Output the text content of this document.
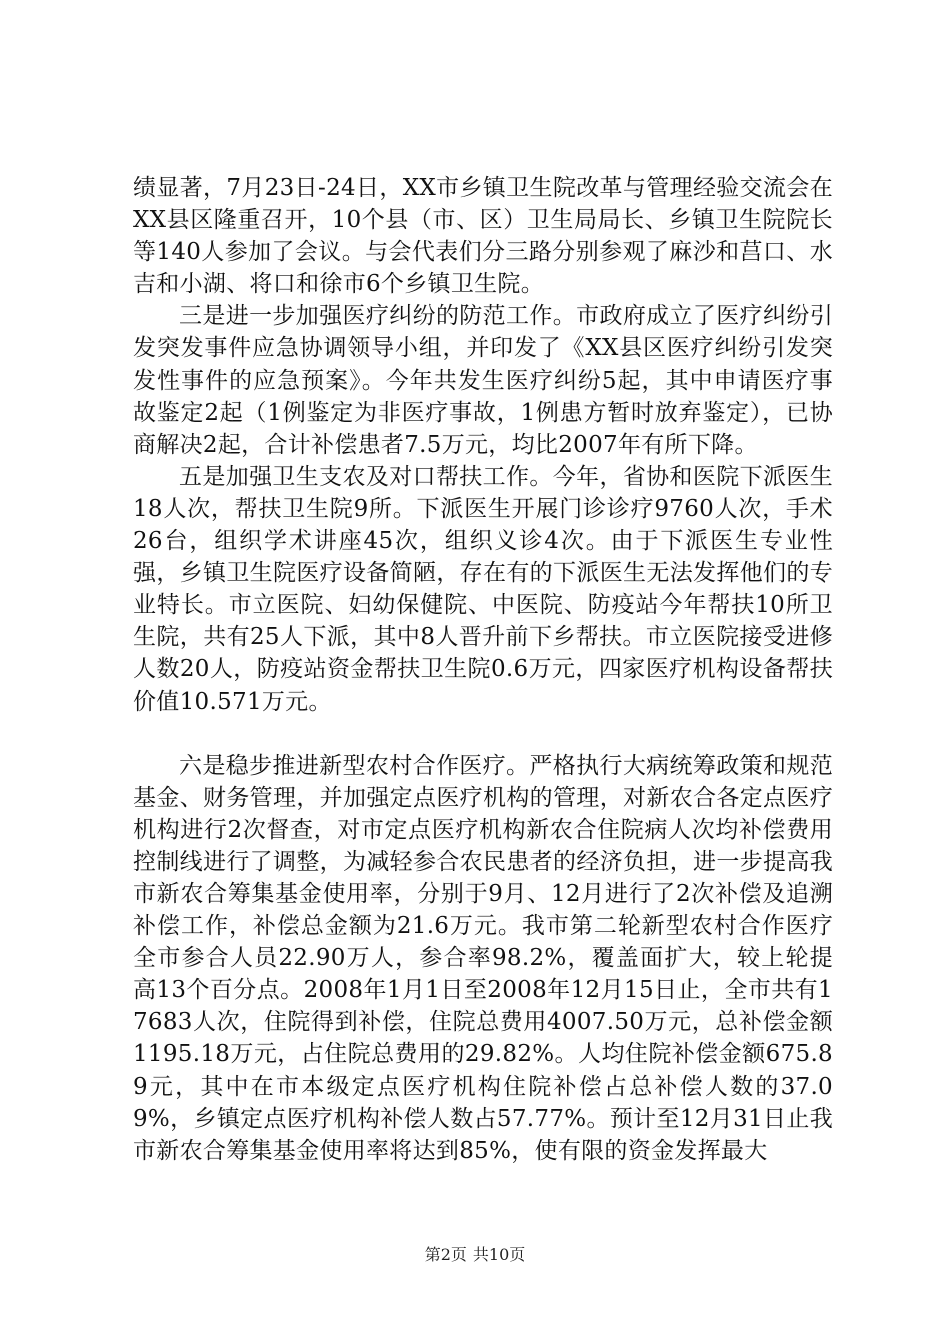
绩显著，7月23日-24日，XX市乡镇卫生院改革与管理经验交流会在XX县区隆重召开，10个县（市、区）卫生局局长、乡镇卫生院院长等140人参加了会议。与会代表们分三路分别参观了麻沙和莒口、水吉和小湖、将口和徐市6个乡镇卫生院。

三是进一步加强医疗纠纷的防范工作。市政府成立了医疗纠纷引发突发事件应急协调领导小组，并印发了《XX县区医疗纠纷引发突发性事件的应急预案》。今年共发生医疗纠纷5起，其中申请医疗事故鉴定2起（1例鉴定为非医疗事故，1例患方暂时放弃鉴定），已协商解决2起，合计补偿患者7.5万元，均比2007年有所下降。

五是加强卫生支农及对口帮扶工作。今年，省协和医院下派医生18人次，帮扶卫生院9所。下派医生开展门诊诊疗9760人次，手术26台，组织学术讲座45次，组织义诊4次。由于下派医生专业性强，乡镇卫生院医疗设备简陋，存在有的下派医生无法发挥他们的专业特长。市立医院、妇幼保健院、中医院、防疫站今年帮扶10所卫生院，共有25人下派，其中8人晋升前下乡帮扶。市立医院接受进修人数20人，防疫站资金帮扶卫生院0.6万元，四家医疗机构设备帮扶价值10.571万元。

六是稳步推进新型农村合作医疗。严格执行大病统筹政策和规范基金、财务管理，并加强定点医疗机构的管理，对新农合各定点医疗机构进行2次督查，对市定点医疗机构新农合住院病人次均补偿费用控制线进行了调整，为减轻参合农民患者的经济负担，进一步提高我市新农合筹集基金使用率，分别于9月、12月进行了2次补偿及追溯补偿工作，补偿总金额为21.6万元。我市第二轮新型农村合作医疗全市参合人员22.90万人，参合率98.2%，覆盖面扩大，较上轮提高13个百分点。2008年1月1日至2008年12月15日止，全市共有17683人次，住院得到补偿，住院总费用4007.50万元，总补偿金额1195.18万元，占住院总费用的29.82%。人均住院补偿金额675.89元，其中在市本级定点医疗机构住院补偿占总补偿人数的37.09%，乡镇定点医疗机构补偿人数占57.77%。预计至12月31日止我市新农合筹集基金使用率将达到85%，使有限的资金发挥最大

第2页 共10页
